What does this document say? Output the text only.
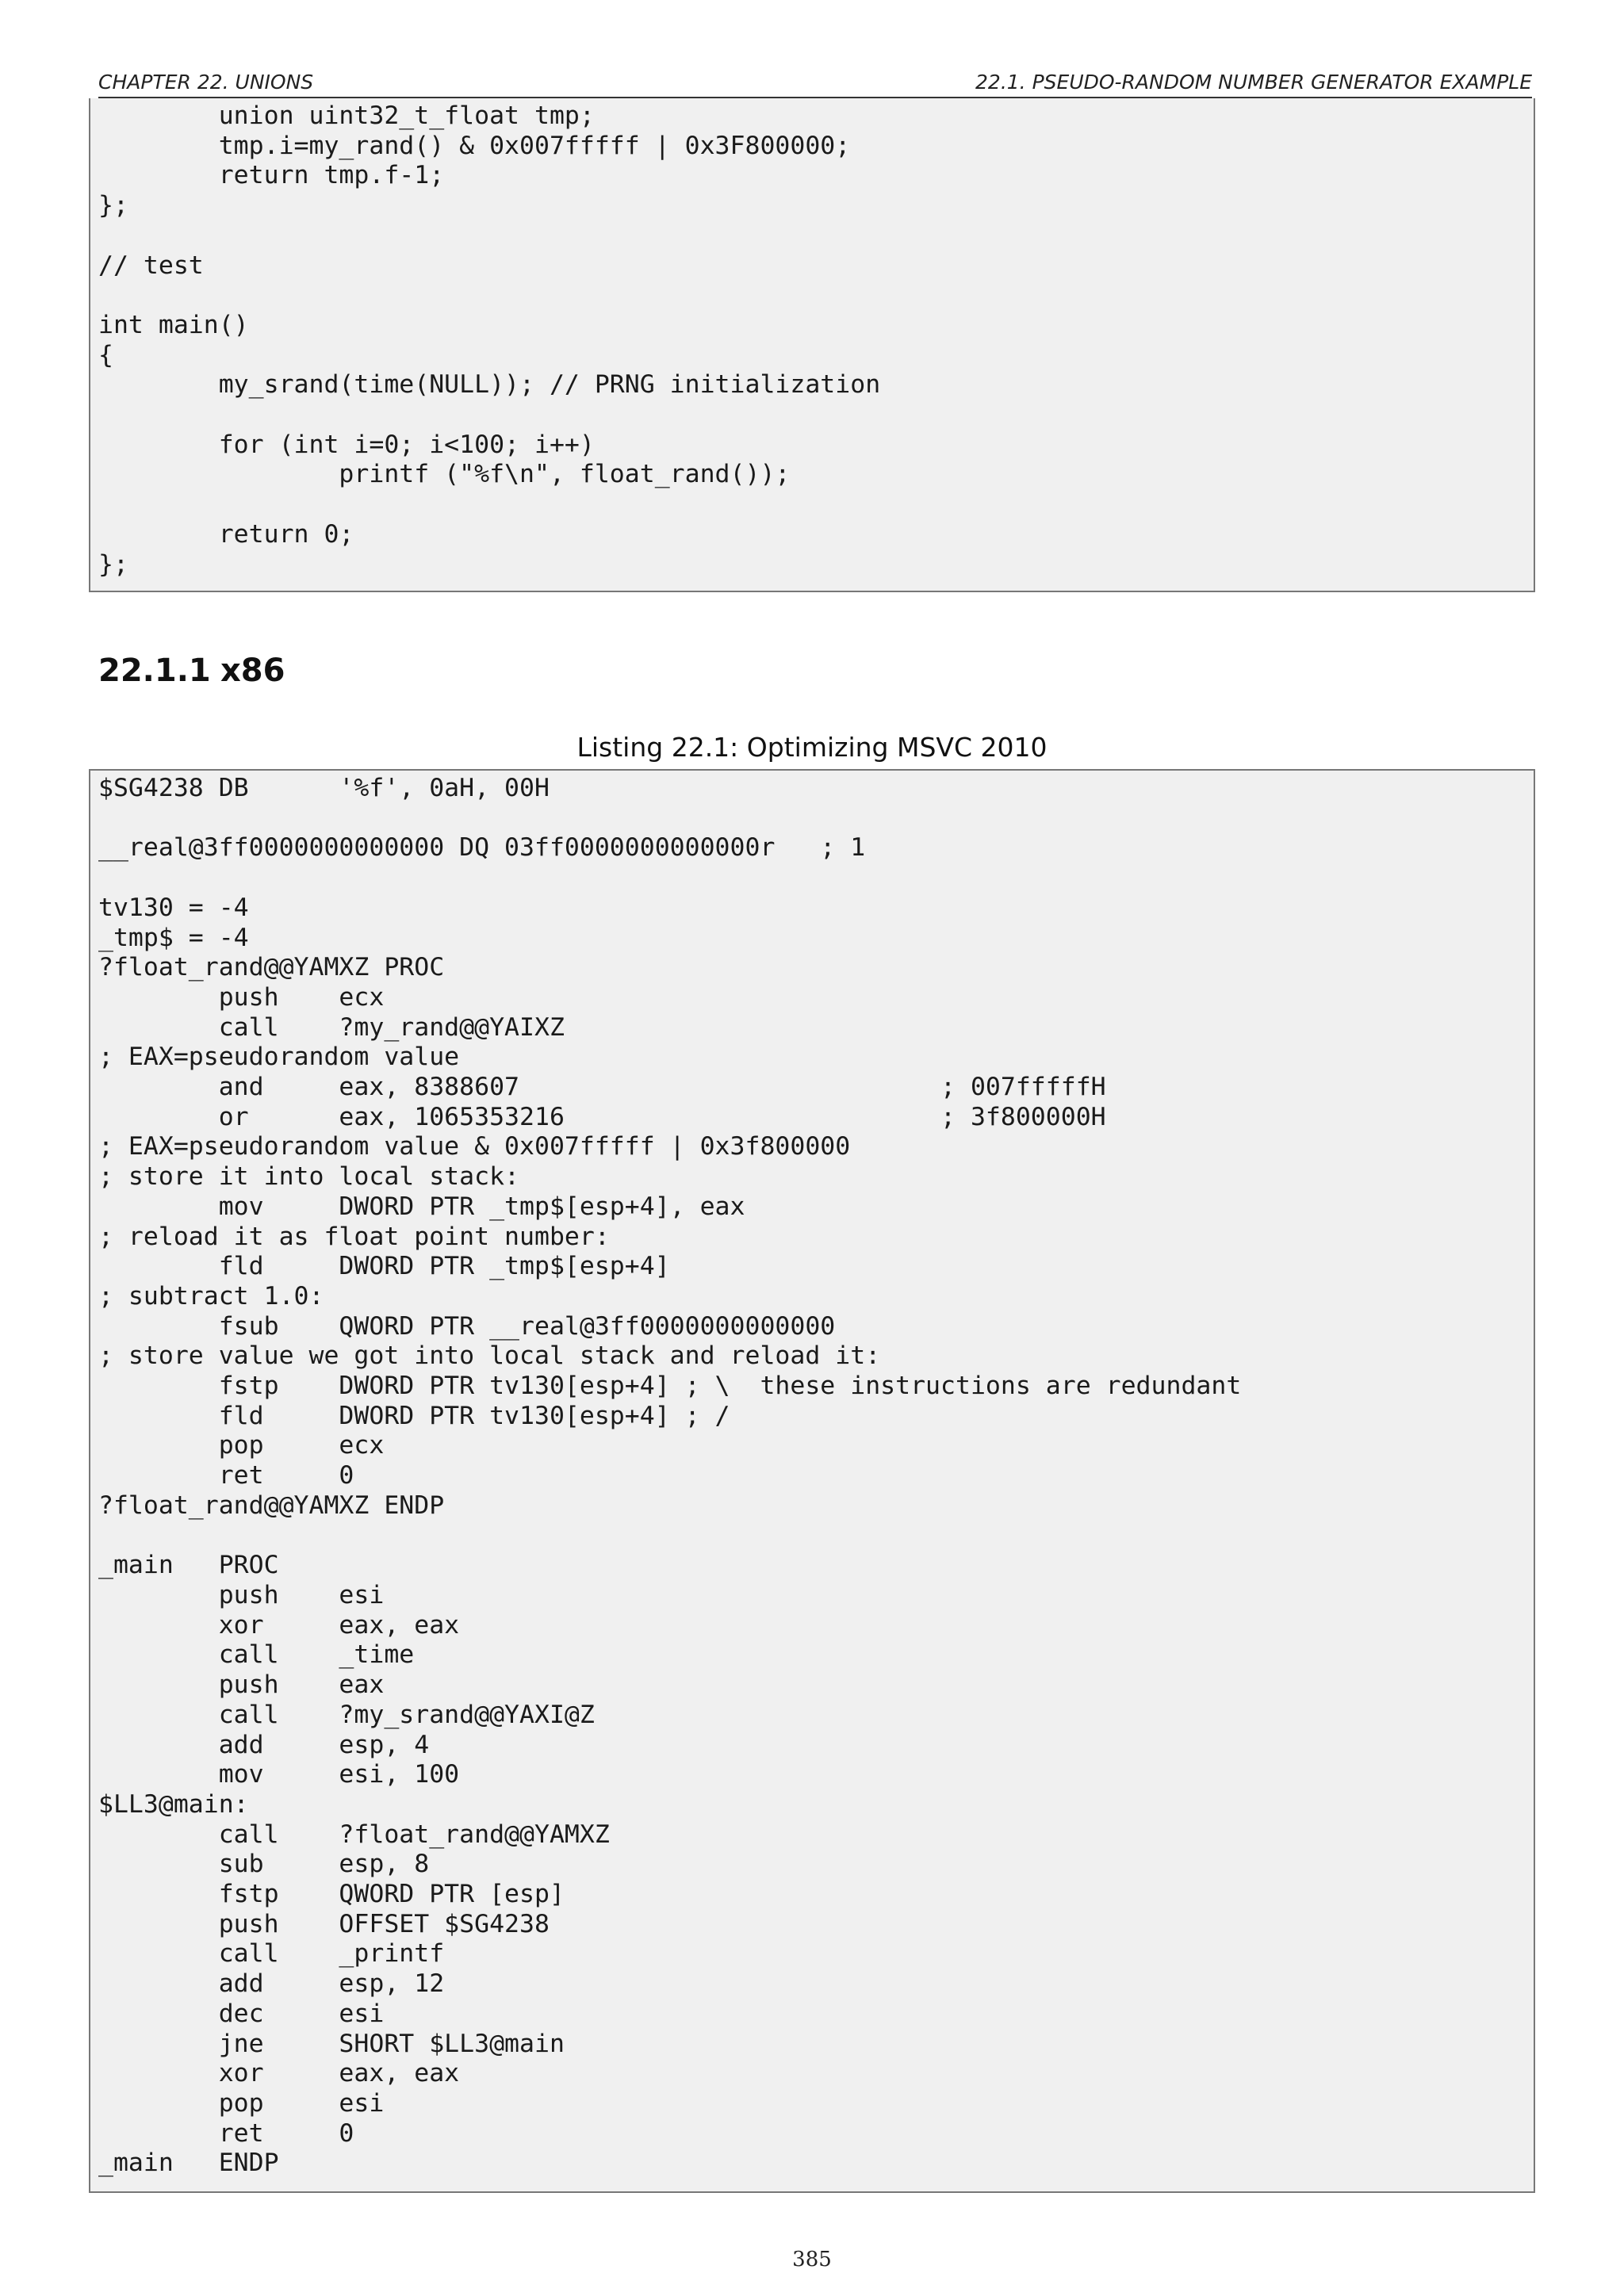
CHAPTER 22. UNIONS	22.1. PSEUDO-RANDOM NUMBER GENERATOR EXAMPLE
union uint32_t_float tmp;
tmp.i=my_rand() & 0x007fffff | 0x3F800000;
return tmp.f-1;
};

// test

int main()
{
my_srand(time(NULL)); // PRNG initialization

for (int i=0; i<100; i++)
printf ("%f\n", float_rand());

return 0;
};
22.1.1 x86
Listing 22.1: Optimizing MSVC 2010
$SG4238 DB      '%f', 0aH, 00H

__real@3ff0000000000000 DQ 03ff0000000000000r   ; 1

tv130 = -4
_tmp$ = -4
?float_rand@@YAMXZ PROC
push    ecx
call    ?my_rand@@YAIXZ
; EAX=pseudorandom value
and     eax, 8388607                            ; 007fffffH
or      eax, 1065353216                         ; 3f800000H
; EAX=pseudorandom value & 0x007fffff | 0x3f800000
; store it into local stack:
mov     DWORD PTR _tmp$[esp+4], eax
; reload it as float point number:
fld     DWORD PTR _tmp$[esp+4]
; subtract 1.0:
fsub    QWORD PTR __real@3ff0000000000000
; store value we got into local stack and reload it:
fstp    DWORD PTR tv130[esp+4] ; \  these instructions are redundant
fld     DWORD PTR tv130[esp+4] ; /
pop     ecx
ret     0
?float_rand@@YAMXZ ENDP

_main   PROC
push    esi
xor     eax, eax
call    _time
push    eax
call    ?my_srand@@YAXI@Z
add     esp, 4
mov     esi, 100
$LL3@main:
call    ?float_rand@@YAMXZ
sub     esp, 8
fstp    QWORD PTR [esp]
push    OFFSET $SG4238
call    _printf
add     esp, 12
dec     esi
jne     SHORT $LL3@main
xor     eax, eax
pop     esi
ret     0
_main   ENDP
385
